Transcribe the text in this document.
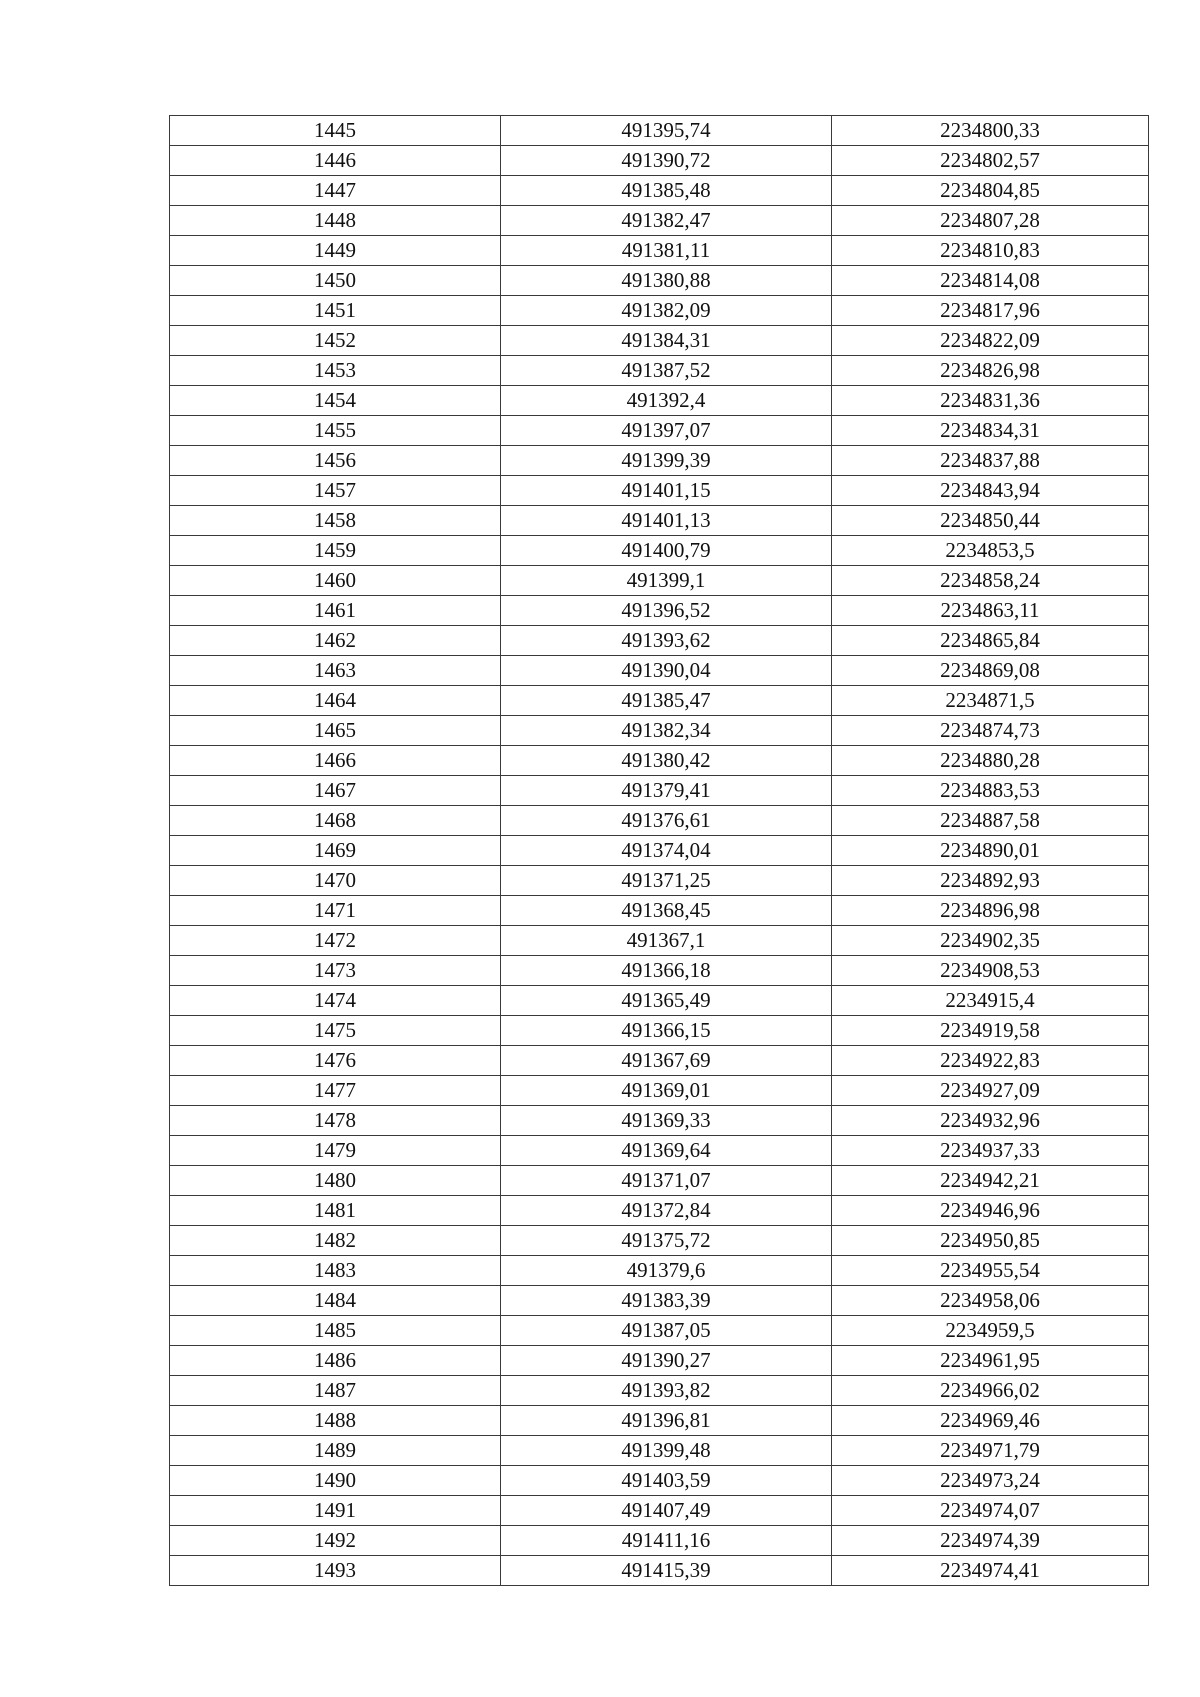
1445	491395,74	2234800,33
1446	491390,72	2234802,57
1447	491385,48	2234804,85
1448	491382,47	2234807,28
1449	491381,11	2234810,83
1450	491380,88	2234814,08
1451	491382,09	2234817,96
1452	491384,31	2234822,09
1453	491387,52	2234826,98
1454	491392,4	2234831,36
1455	491397,07	2234834,31
1456	491399,39	2234837,88
1457	491401,15	2234843,94
1458	491401,13	2234850,44
1459	491400,79	2234853,5
1460	491399,1	2234858,24
1461	491396,52	2234863,11
1462	491393,62	2234865,84
1463	491390,04	2234869,08
1464	491385,47	2234871,5
1465	491382,34	2234874,73
1466	491380,42	2234880,28
1467	491379,41	2234883,53
1468	491376,61	2234887,58
1469	491374,04	2234890,01
1470	491371,25	2234892,93
1471	491368,45	2234896,98
1472	491367,1	2234902,35
1473	491366,18	2234908,53
1474	491365,49	2234915,4
1475	491366,15	2234919,58
1476	491367,69	2234922,83
1477	491369,01	2234927,09
1478	491369,33	2234932,96
1479	491369,64	2234937,33
1480	491371,07	2234942,21
1481	491372,84	2234946,96
1482	491375,72	2234950,85
1483	491379,6	2234955,54
1484	491383,39	2234958,06
1485	491387,05	2234959,5
1486	491390,27	2234961,95
1487	491393,82	2234966,02
1488	491396,81	2234969,46
1489	491399,48	2234971,79
1490	491403,59	2234973,24
1491	491407,49	2234974,07
1492	491411,16	2234974,39
1493	491415,39	2234974,41
